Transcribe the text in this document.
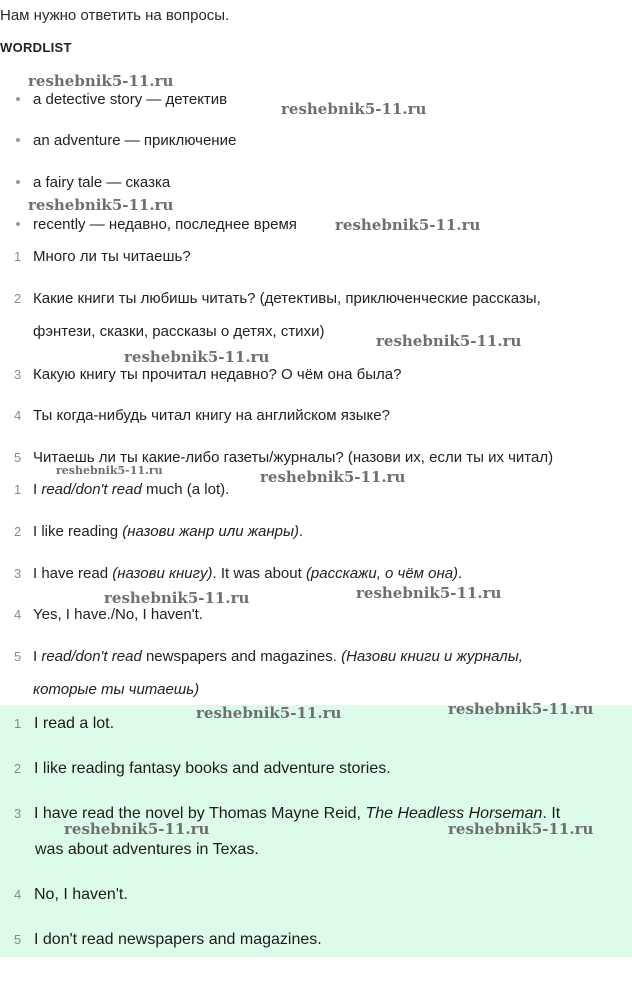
Нам нужно ответить на вопросы.
WORDLIST
a detective story — детектив
an adventure — приключение
a fairy tale — сказка
recently — недавно, последнее время
1 Много ли ты читаешь?
2 Какие книги ты любишь читать? (детективы, приключенческие рассказы,
фэнтези, сказки, рассказы о детях, стихи)
3 Какую книгу ты прочитал недавно? О чём она была?
4 Ты когда-нибудь читал книгу на английском языке?
5 Читаешь ли ты какие-либо газеты/журналы? (назови их, если ты их читал)
1 I read/don't read much (a lot).
2 I like reading (назови жанр или жанры).
3 I have read (назови книгу). It was about (расскажи, о чём она).
4 Yes, I have./No, I haven't.
5 I read/don't read newspapers and magazines. (Назови книги и журналы,
которые ты читаешь)
1 I read a lot.
2 I like reading fantasy books and adventure stories.
3 I have read the novel by Thomas Mayne Reid, The Headless Horseman. It
was about adventures in Texas.
4 No, I haven't.
5 I don't read newspapers and magazines.
reshebnik5-11.ru
reshebnik5-11.ru
reshebnik5-11.ru
reshebnik5-11.ru
reshebnik5-11.ru
reshebnik5-11.ru
reshebnik5-11.ru	reshebnik5-11.ru
reshebnik5-11.ru	reshebnik5-11.ru
reshebnik5-11.ru	reshebnik5-11.ru
reshebnik5-11.ru	reshebnik5-11.ru
